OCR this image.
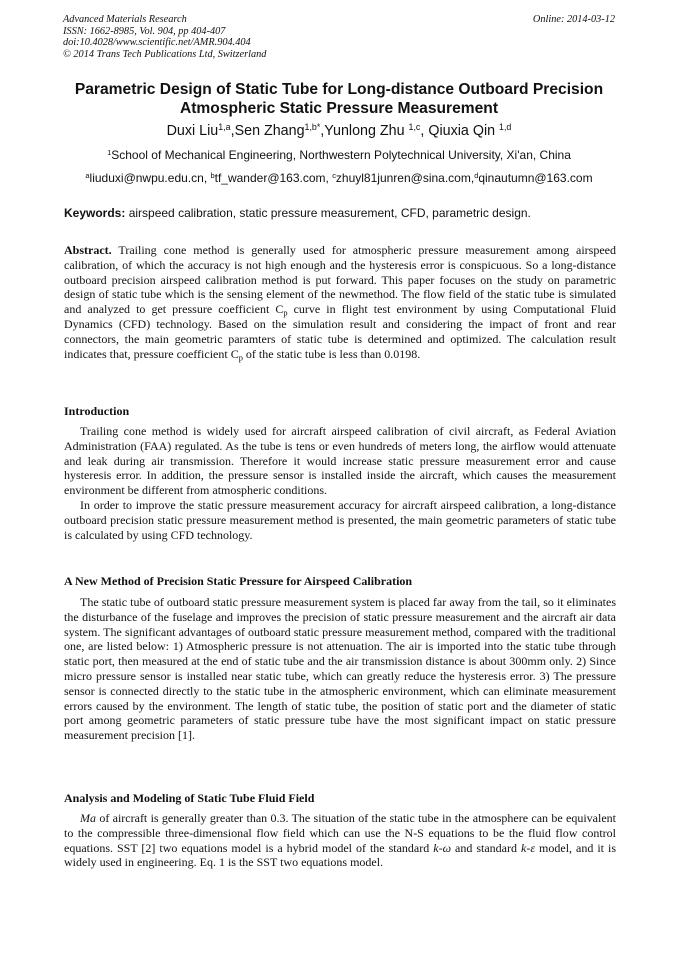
Advanced Materials Research
ISSN: 1662-8985, Vol. 904, pp 404-407
doi:10.4028/www.scientific.net/AMR.904.404
© 2014 Trans Tech Publications Ltd, Switzerland
Online: 2014-03-12
Parametric Design of Static Tube for Long-distance Outboard Precision
Atmospheric Static Pressure Measurement
Duxi Liu$^{1,a}$,Sen Zhang$^{1,b*}$,Yunlong Zhu $^{1,c}$, Qiuxia Qin $^{1,d}$
$^1$School of Mechanical Engineering, Northwestern Polytechnical University, Xi'an, China
$^a$liuduxi@nwpu.edu.cn, $^b$tf_wander@163.com, $^c$zhuyl81junren@sina.com,$^d$qinautumn@163.com
Keywords: airspeed calibration, static pressure measurement, CFD, parametric design.

Abstract. Trailing cone method is generally used for atmospheric pressure measurement among airspeed calibration, of which the accuracy is not high enough and the hysteresis error is conspicuous. So a long-distance outboard precision airspeed calibration method is put forward. This paper focuses on the study on parametric design of static tube which is the sensing element of the newmethod. The flow field of the static tube is simulated and analyzed to get pressure coefficient $C_p$ curve in flight test environment by using Computational Fluid Dynamics (CFD) technology. Based on the simulation result and considering the impact of front and rear connectors, the main geometric paramters of static tube is determined and optimized. The calculation result indicates that, pressure coefficient $C_p$ of the static tube is less than 0.0198.

Introduction

Trailing cone method is widely used for aircraft airspeed calibration of civil aircraft, as Federal Aviation Administration (FAA) regulated. As the tube is tens or even hundreds of meters long, the airflow would attenuate and leak during air transmission. Therefore it would increase static pressure measurement error and cause hysteresis error. In addition, the pressure sensor is installed inside the aircraft, which causes the measurement environment be different from atmospheric conditions.

In order to improve the static pressure measurement accuracy for aircraft airspeed calibration, a long-distance outboard precision static pressure measurement method is presented, the main geometric parameters of static tube is calculated by using CFD technology.

A New Method of Precision Static Pressure for Airspeed Calibration

The static tube of outboard static pressure measurement system is placed far away from the tail, so it eliminates the disturbance of the fuselage and improves the precision of static pressure measurement and the aircraft air data system. The significant advantages of outboard static pressure measurement method, compared with the traditional one, are listed below: 1) Atmospheric pressure is not attenuation. The air is imported into the static tube through static port, then measured at the end of static tube and the air transmission distance is about 300mm only. 2) Since micro pressure sensor is installed near static tube, which can greatly reduce the hysteresis error. 3) The pressure sensor is connected directly to the static tube in the atmospheric environment, which can eliminate measurement errors caused by the environment. The length of static tube, the position of static port and the diameter of static port among geometric parameters of static pressure tube have the most significant impact on static pressure measurement precision [1].

Analysis and Modeling of Static Tube Fluid Field

Ma of aircraft is generally greater than 0.3. The situation of the static tube in the atmosphere can be equivalent to the compressible three-dimensional flow field which can use the N-S equations to be the fluid flow control equations. SST [2] two equations model is a hybrid model of the standard k-ω and standard k-ε model, and it is widely used in engineering. Eq. 1 is the SST two equations model.
